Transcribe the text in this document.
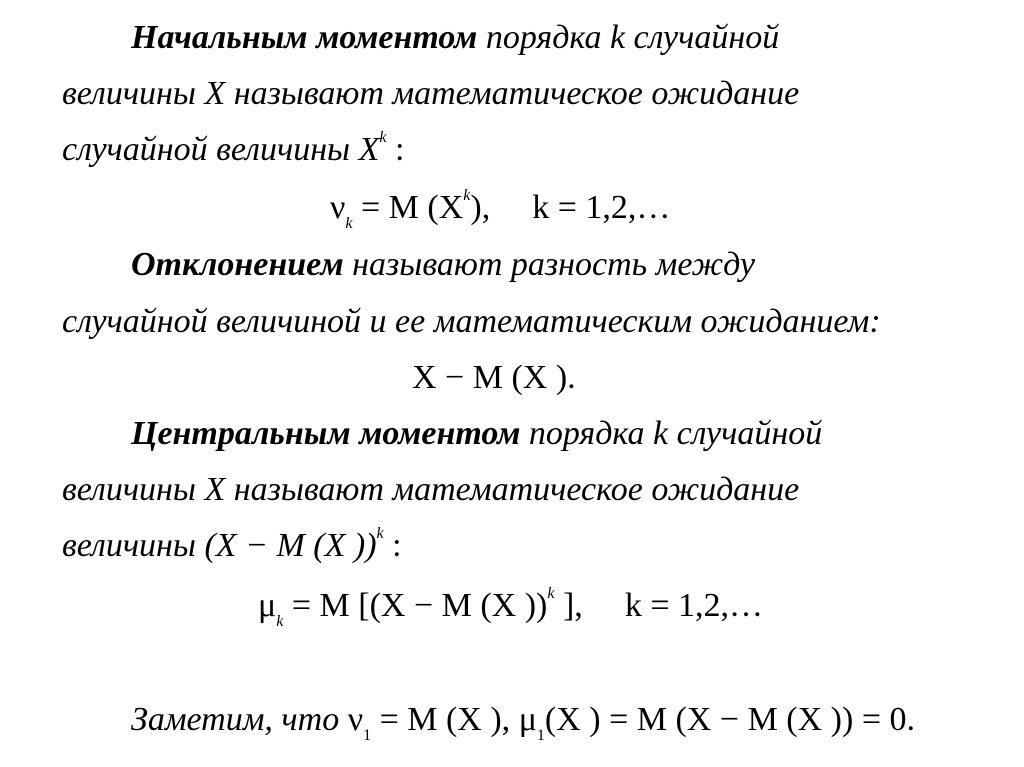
Начальным моментом порядка k случайной
величины X называют математическое ожидание
случайной величины $X^k$ :
$\nu_k = M$ $(X^k)$, k = 1,2,…
Отклонением называют разность между
случайной величиной и ее математическим ожиданием:
X − M (X ).
Центральным моментом порядка k случайной
величины X называют математическое ожидание
величины (X − M (X ))$^k$ :
$\mu_k = M$ [(X − M (X ))$^k$ ], k = 1,2,…
Заметим, что $\nu_1 = M$ (X ), $\mu_1(X$ ) = M (X − M (X )) = 0.
